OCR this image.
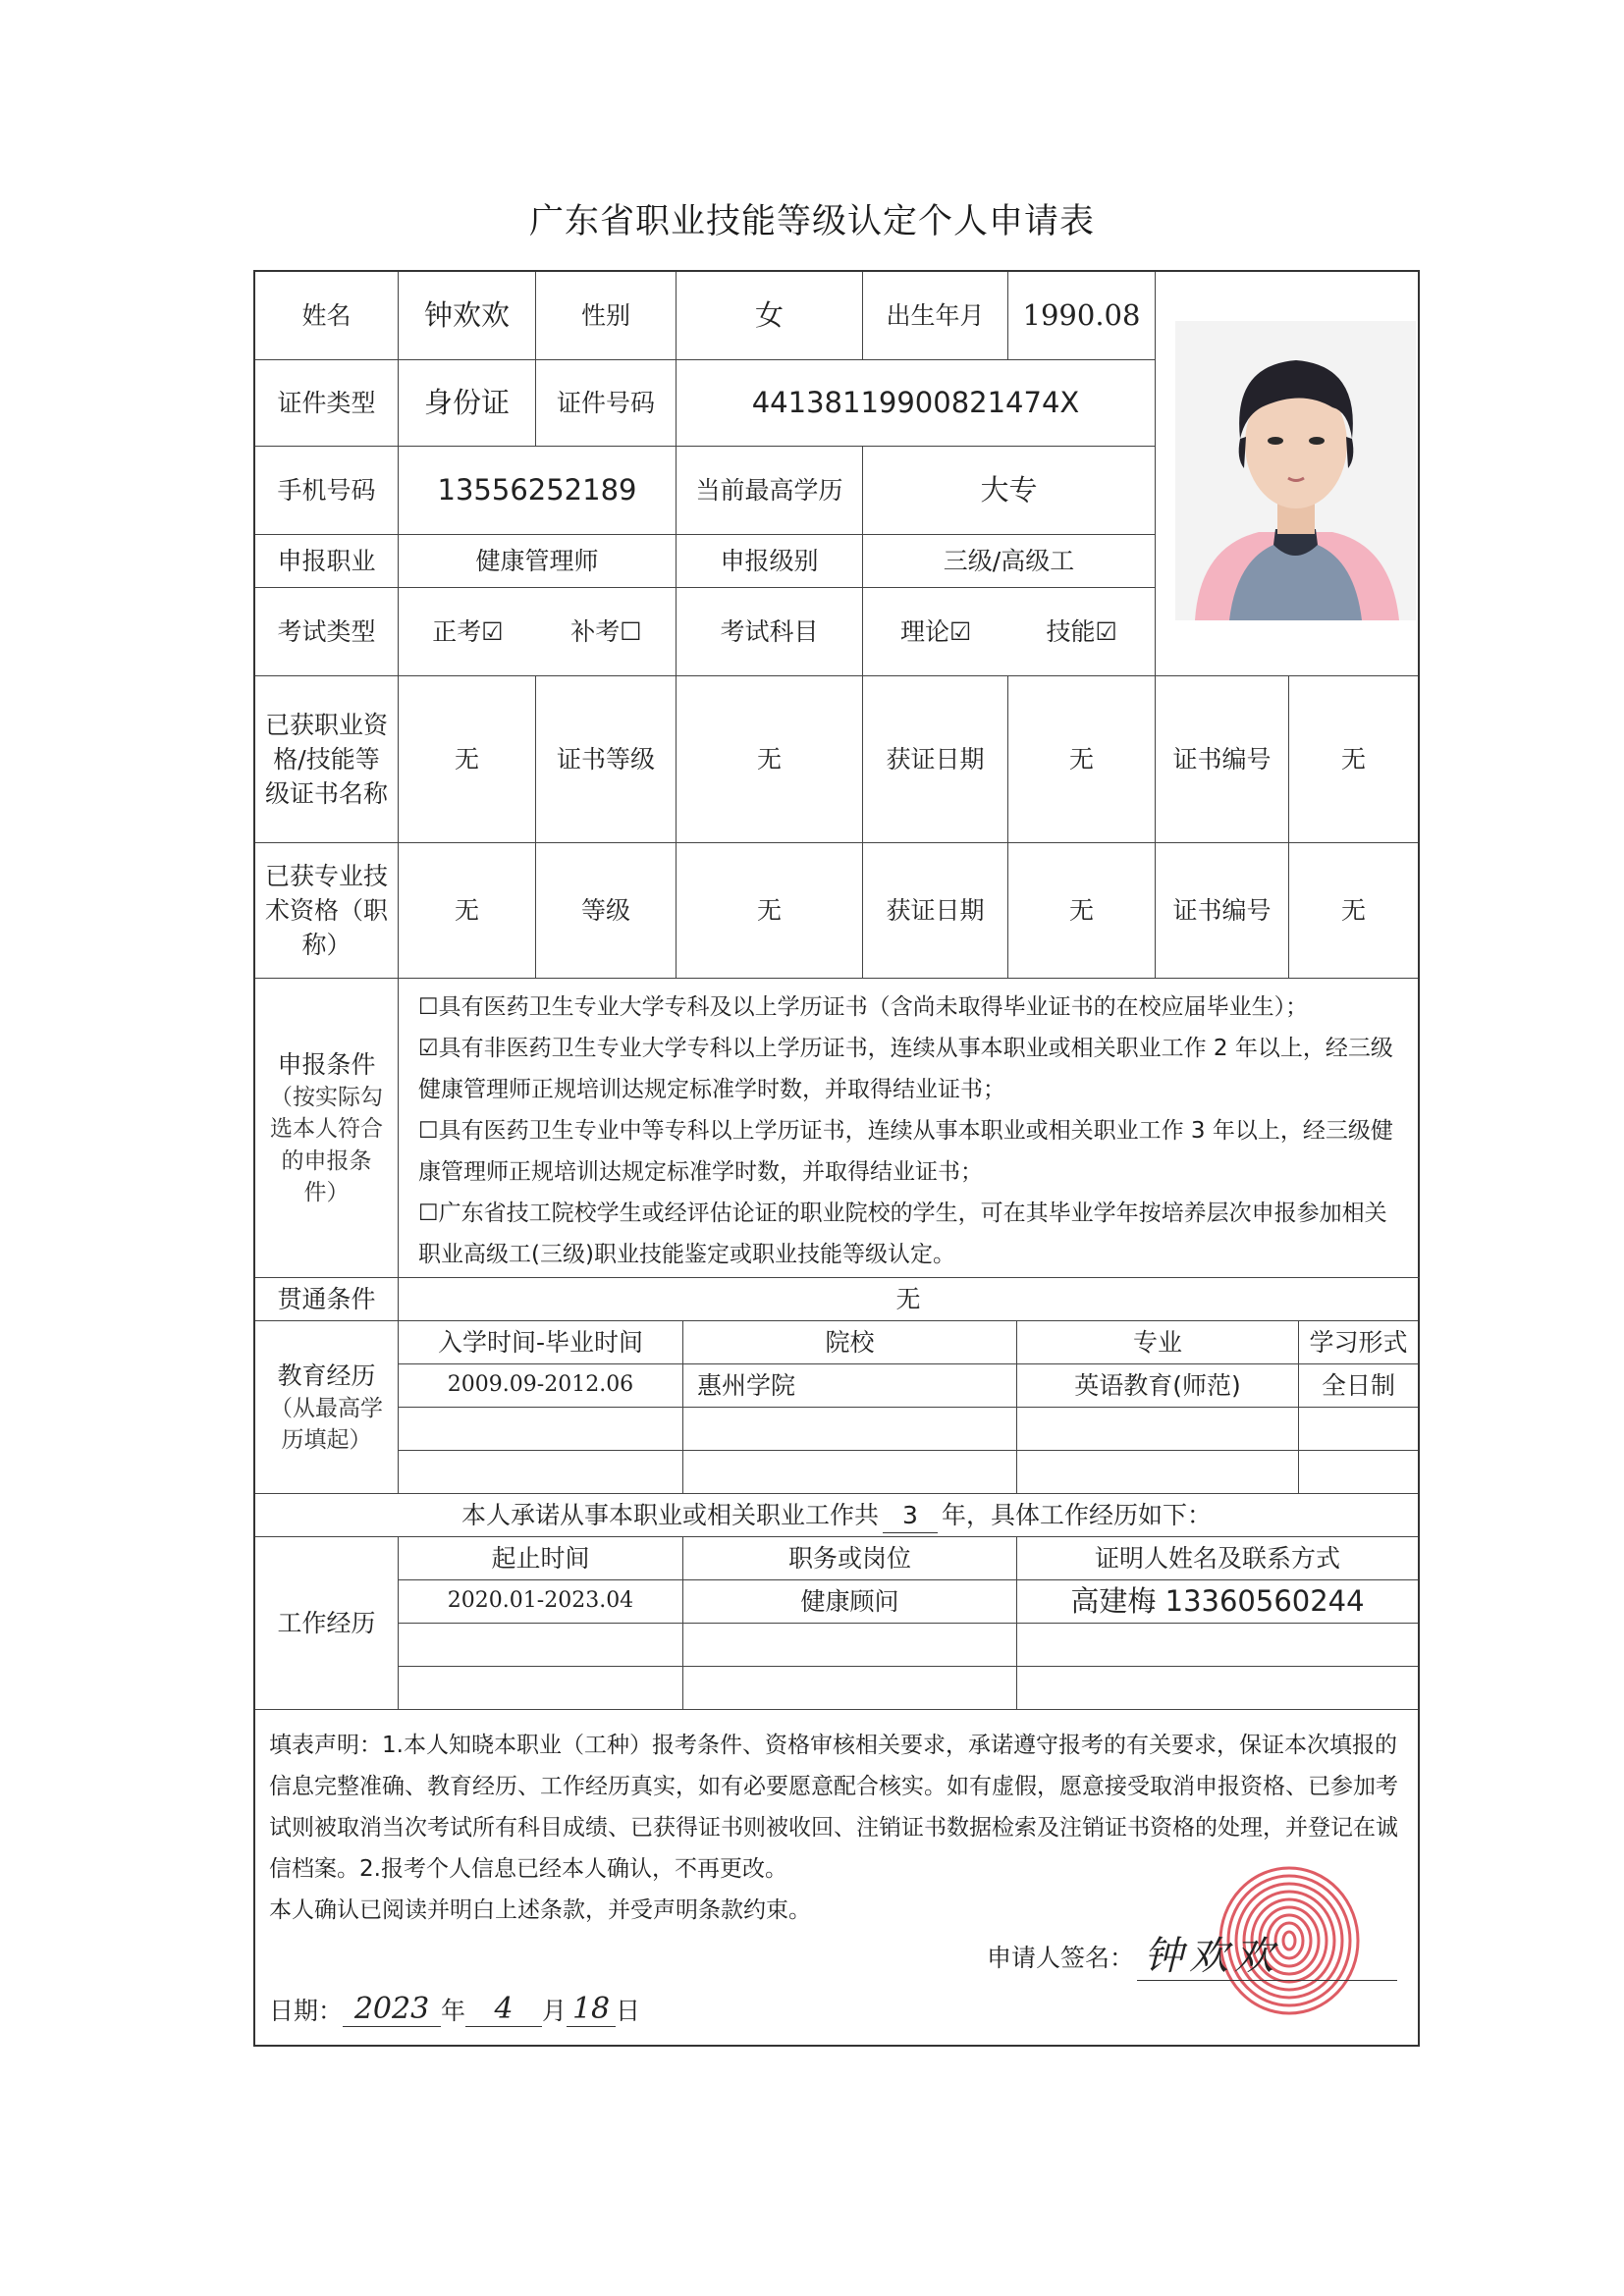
广东省职业技能等级认定个人申请表
姓名	钟欢欢	性别	女	出生年月	1990.08
证件类型	身份证	证件号码	44138119900821474X
手机号码	13556252189	当前最高学历	大专
申报职业	健康管理师	申报级别	三级/高级工
考试类型	正考☑	补考☐	考试科目	理论☑	技能☑
已获职业资格/技能等级证书名称
无	证书等级	无	获证日期	无	证书编号	无
已获专业技术资格（职称）
无	等级	无	获证日期	无	证书编号	无
申报条件
（按实际勾选本人符合的申报条件）

☐具有医药卫生专业大学专科及以上学历证书（含尚未取得毕业证书的在校应届毕业生）；

☑具有非医药卫生专业大学专科以上学历证书，连续从事本职业或相关职业工作 2 年以上，经三级健康管理师正规培训达规定标准学时数，并取得结业证书；

☐具有医药卫生专业中等专科以上学历证书，连续从事本职业或相关职业工作 3 年以上，经三级健康管理师正规培训达规定标准学时数，并取得结业证书；

☐广东省技工院校学生或经评估论证的职业院校的学生，可在其毕业学年按培养层次申报参加相关职业高级工(三级)职业技能鉴定或职业技能等级认定。

贯通条件	无
教育经历
（从最高学历填起）
入学时间-毕业时间	院校	专业	学习形式
2009.09-2012.06	惠州学院	英语教育(师范)	全日制
本人承诺从事本职业或相关职业工作共 3 年，具体工作经历如下：
工作经历
起止时间	职务或岗位	证明人姓名及联系方式
2020.01-2023.04	健康顾问	高建梅 13360560244

填表声明：1.本人知晓本职业（工种）报考条件、资格审核相关要求，承诺遵守报考的有关要求，保证本次填报的信息完整准确、教育经历、工作经历真实，如有必要愿意配合核实。如有虚假，愿意接受取消申报资格、已参加考试则被取消当次考试所有科目成绩、已获得证书则被收回、注销证书数据检索及注销证书资格的处理，并登记在诚信档案。2.报考个人信息已经本人确认，不再更改。

本人确认已阅读并明白上述条款，并受声明条款约束。

申请人签名： 钟欢欢
日期： 2023 年 4	月 18 日
